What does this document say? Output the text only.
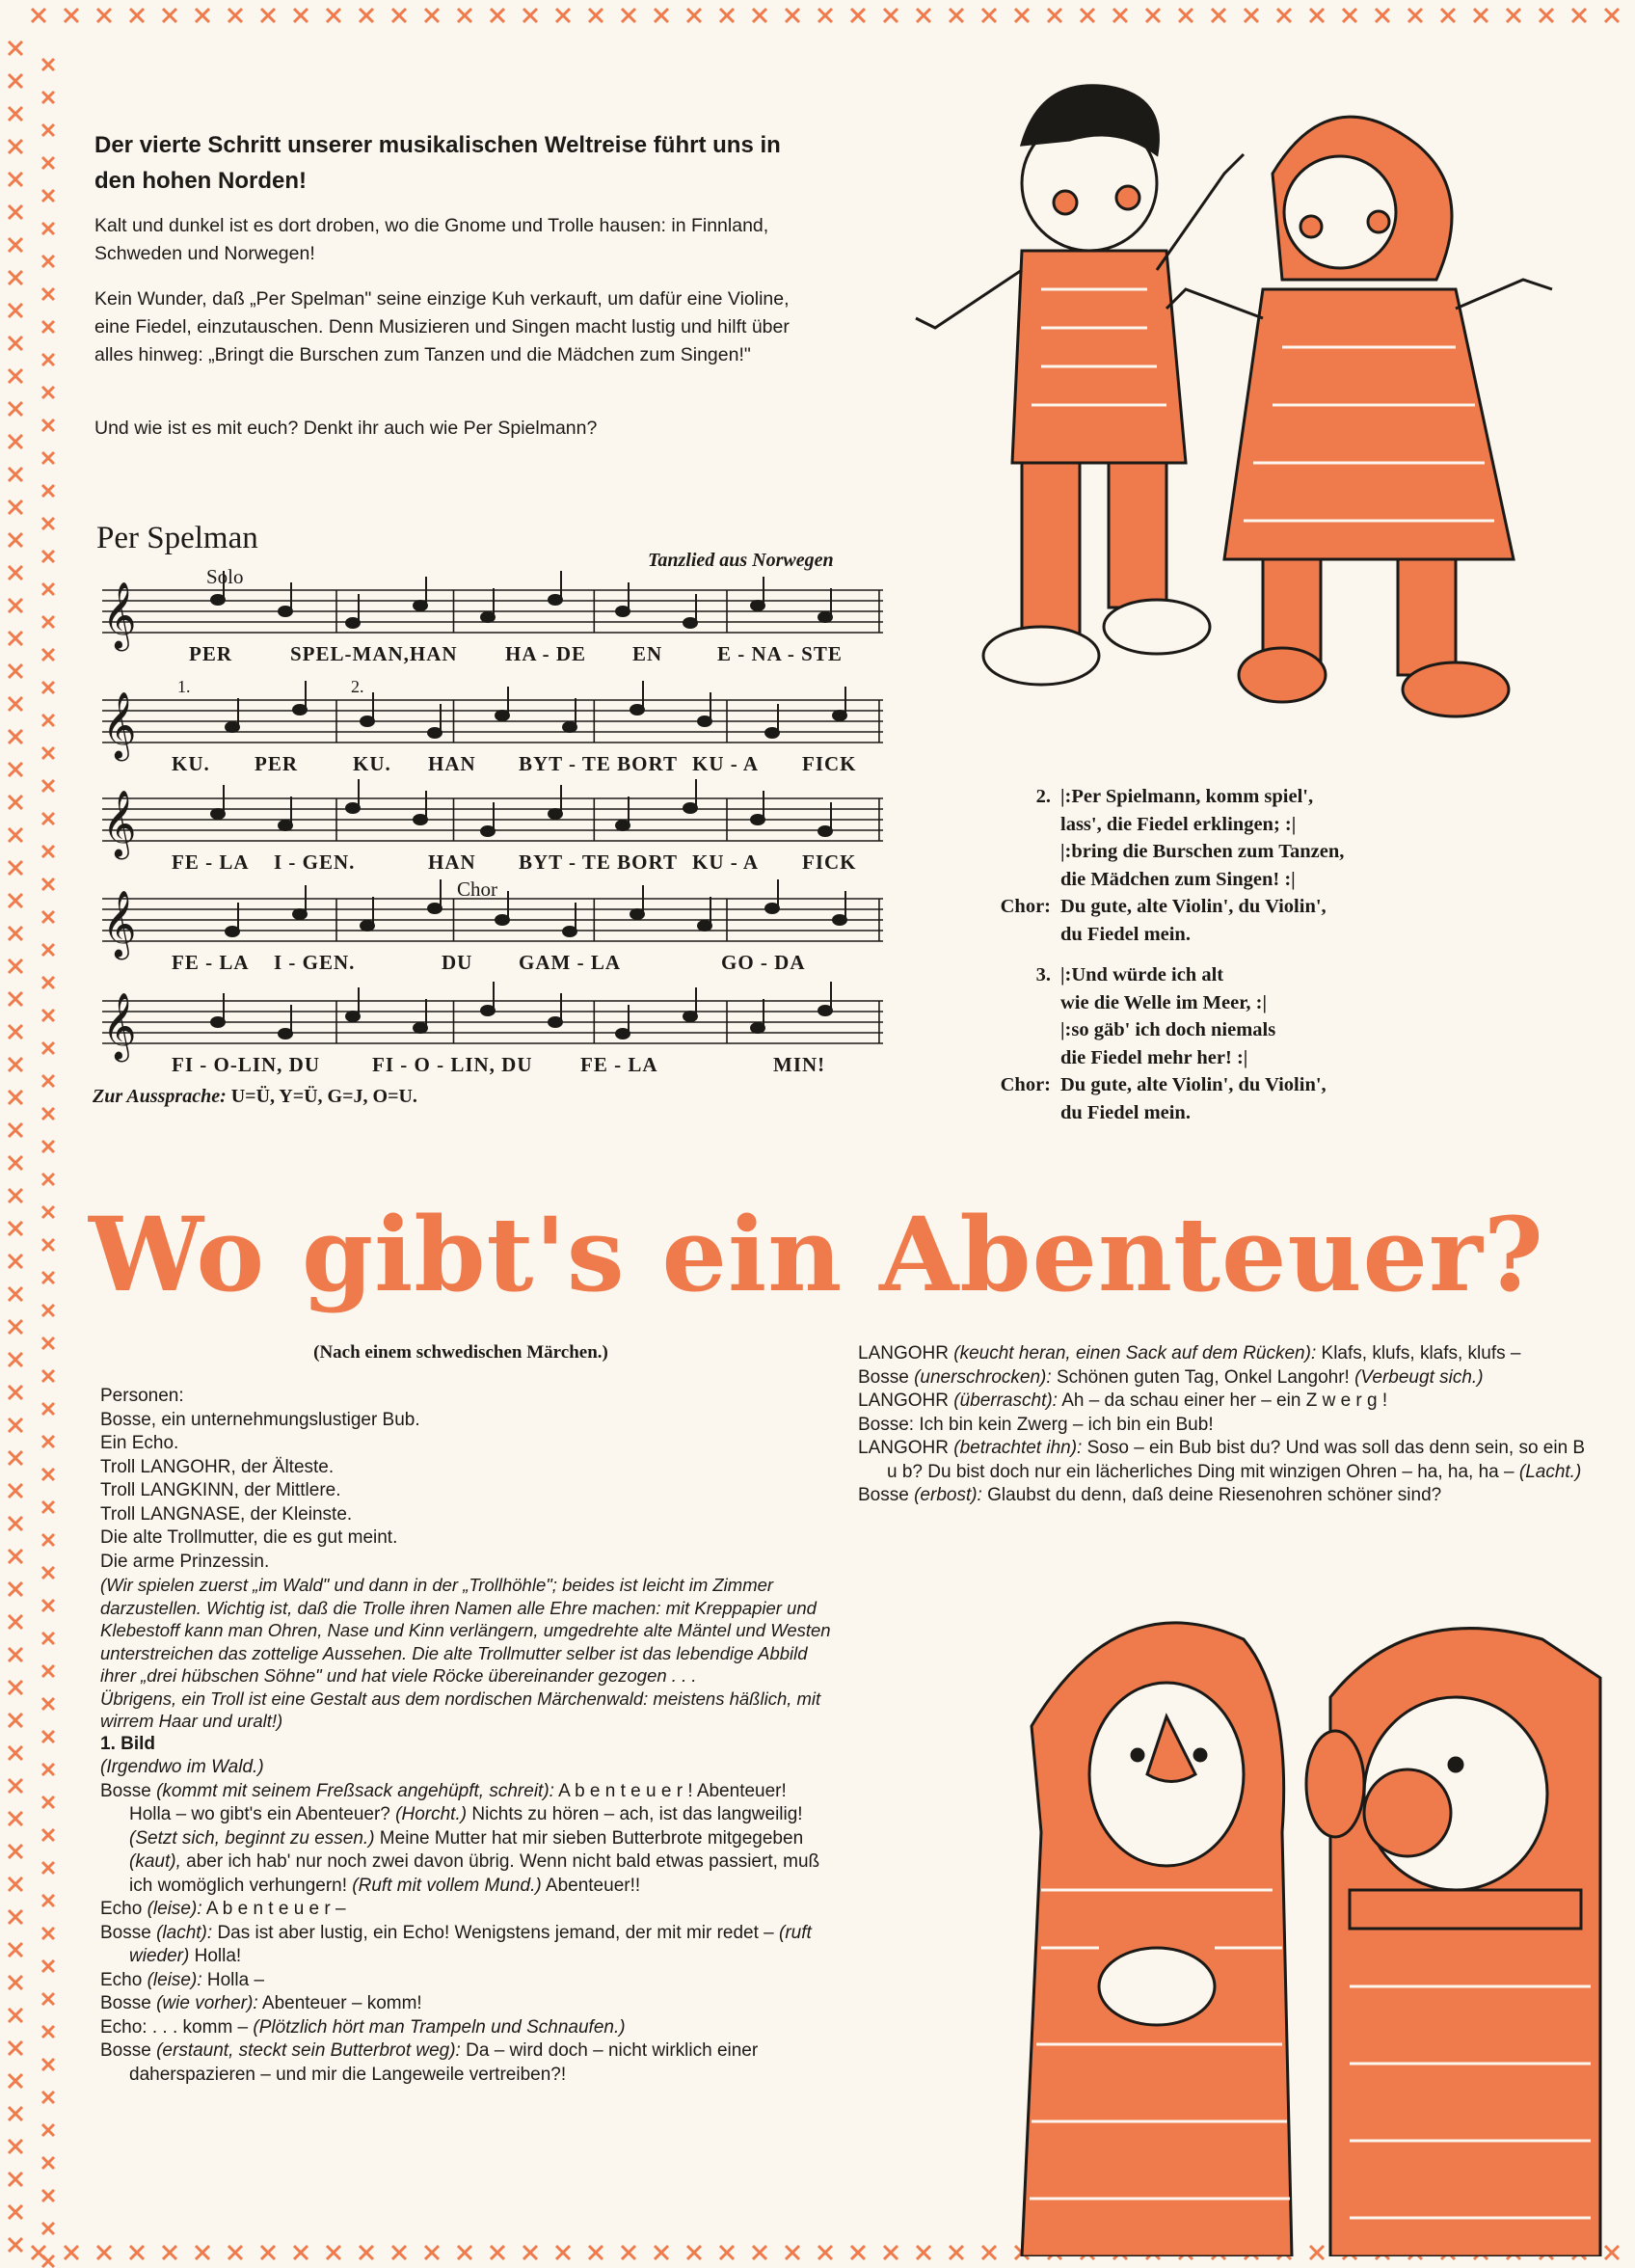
Der vierte Schritt unserer musikalischen Weltreise führt uns in den hohen Norden!
Kalt und dunkel ist es dort droben, wo die Gnome und Trolle hausen: in Finnland, Schweden und Norwegen!
Kein Wunder, daß „Per Spelman" seine einzige Kuh verkauft, um dafür eine Violine, eine Fiedel, einzutauschen. Denn Musizieren und Singen macht lustig und hilft über alles hinweg: „Bringt die Burschen zum Tanzen und die Mädchen zum Singen!"
Und wie ist es mit euch? Denkt ihr auch wie Per Spielmann?
Per Spelman
Tanzlied aus Norwegen
𝄞
𝄞
𝄞
𝄞
𝄞
Solo
Chor
1.	2.
PER	SPEL-MAN,HAN HA - DE EN	E - NA - STE
KU. PER	KU. HAN BYT - TE BORT KU - A FICK
FE - LA I - GEN.	HAN BYT - TE BORT KU - A FICK
FE - LA I - GEN.	DU GAM - LA	GO - DA
FI - O-LIN, DU	FI - O - LIN, DU FE - LA	MIN!
Zur Aussprache: U=Ü, Y=Ü, G=J, O=U.
2. |:Per Spielmann, komm spiel',
lass', die Fiedel erklingen; :|
|:bring die Burschen zum Tanzen,
die Mädchen zum Singen! :|
Chor: Du gute, alte Violin', du Violin',
du Fiedel mein.
3. |:Und würde ich alt
wie die Welle im Meer, :|
|:so gäb' ich doch niemals
die Fiedel mehr her! :|
Chor: Du gute, alte Violin', du Violin',
du Fiedel mein.
Wo gibt's ein Abenteuer?
(Nach einem schwedischen Märchen.)
Personen:
Bosse, ein unternehmungslustiger Bub.
Ein Echo.
Troll LANGOHR, der Älteste.
Troll LANGKINN, der Mittlere.
Troll LANGNASE, der Kleinste.
Die alte Trollmutter, die es gut meint.
Die arme Prinzessin.
(Wir spielen zuerst „im Wald" und dann in der „Trollhöhle"; beides ist leicht im Zimmer darzustellen. Wichtig ist, daß die Trolle ihren Namen alle Ehre machen: mit Kreppapier und Klebestoff kann man Ohren, Nase und Kinn verlängern, umgedrehte alte Mäntel und Westen unterstreichen das zottelige Aussehen. Die alte Trollmutter selber ist das lebendige Abbild ihrer „drei hübschen Söhne" und hat viele Röcke übereinander gezogen . . .
Übrigens, ein Troll ist eine Gestalt aus dem nordischen Märchenwald: meistens häßlich, mit wirrem Haar und uralt!)
1. Bild
(Irgendwo im Wald.)
Bosse (kommt mit seinem Freßsack angehüpft, schreit): A b e n t e u e r ! Abenteuer! Holla – wo gibt's ein Abenteuer? (Horcht.) Nichts zu hören – ach, ist das langweilig! (Setzt sich, beginnt zu essen.) Meine Mutter hat mir sieben Butterbrote mitgegeben (kaut), aber ich hab' nur noch zwei davon übrig. Wenn nicht bald etwas passiert, muß ich womöglich verhungern! (Ruft mit vollem Mund.) Abenteuer!!
Echo (leise): A b e n t e u e r –
Bosse (lacht): Das ist aber lustig, ein Echo! Wenigstens jemand, der mit mir redet – (ruft wieder) Holla!
Echo (leise): Holla –
Bosse (wie vorher): Abenteuer – komm!
Echo: . . . komm – (Plötzlich hört man Trampeln und Schnaufen.)
Bosse (erstaunt, steckt sein Butterbrot weg): Da – wird doch – nicht wirklich einer daherspazieren – und mir die Langeweile vertreiben?!
LANGOHR (keucht heran, einen Sack auf dem Rücken): Klafs, klufs, klafs, klufs –
Bosse (unerschrocken): Schönen guten Tag, Onkel Langohr! (Verbeugt sich.)
LANGOHR (überrascht): Ah – da schau einer her – ein Z w e r g !
Bosse: Ich bin kein Zwerg – ich bin ein Bub!
LANGOHR (betrachtet ihn): Soso – ein Bub bist du? Und was soll das denn sein, so ein B u b? Du bist doch nur ein lächerliches Ding mit winzigen Ohren – ha, ha, ha – (Lacht.)
Bosse (erbost): Glaubst du denn, daß deine Riesenohren schöner sind?
